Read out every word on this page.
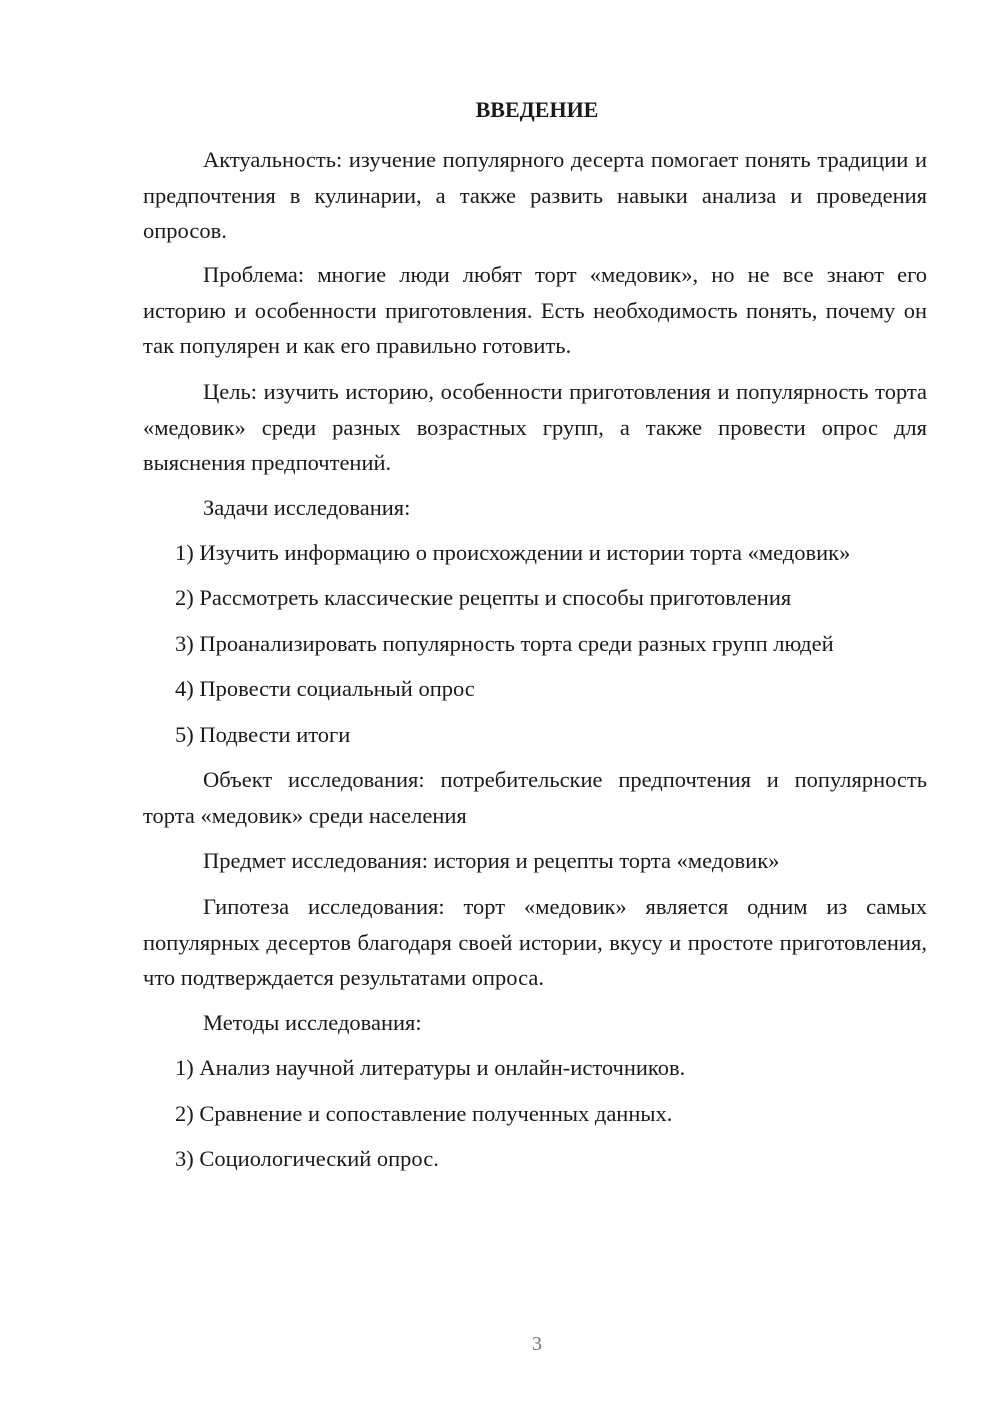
ВВЕДЕНИЕ
Актуальность: изучение популярного десерта помогает понять традиции и предпочтения в кулинарии, а также развить навыки анализа и проведения опросов.
Проблема: многие люди любят торт «медовик», но не все знают его историю и особенности приготовления. Есть необходимость понять, почему он так популярен и как его правильно готовить.
Цель: изучить историю, особенности приготовления и популярность торта «медовик» среди разных возрастных групп, а также провести опрос для выяснения предпочтений.
Задачи исследования:
1) Изучить информацию о происхождении и истории торта «медовик»
2) Рассмотреть классические рецепты и способы приготовления
3) Проанализировать популярность торта среди разных групп людей
4) Провести социальный опрос
5) Подвести итоги
Объект исследования: потребительские предпочтения и популярность торта «медовик» среди населения
Предмет исследования: история и рецепты торта «медовик»
Гипотеза исследования: торт «медовик» является одним из самых популярных десертов благодаря своей истории, вкусу и простоте приготовления, что подтверждается результатами опроса.
Методы исследования:
1) Анализ научной литературы и онлайн-источников.
2) Сравнение и сопоставление полученных данных.
3) Социологический опрос.
3
